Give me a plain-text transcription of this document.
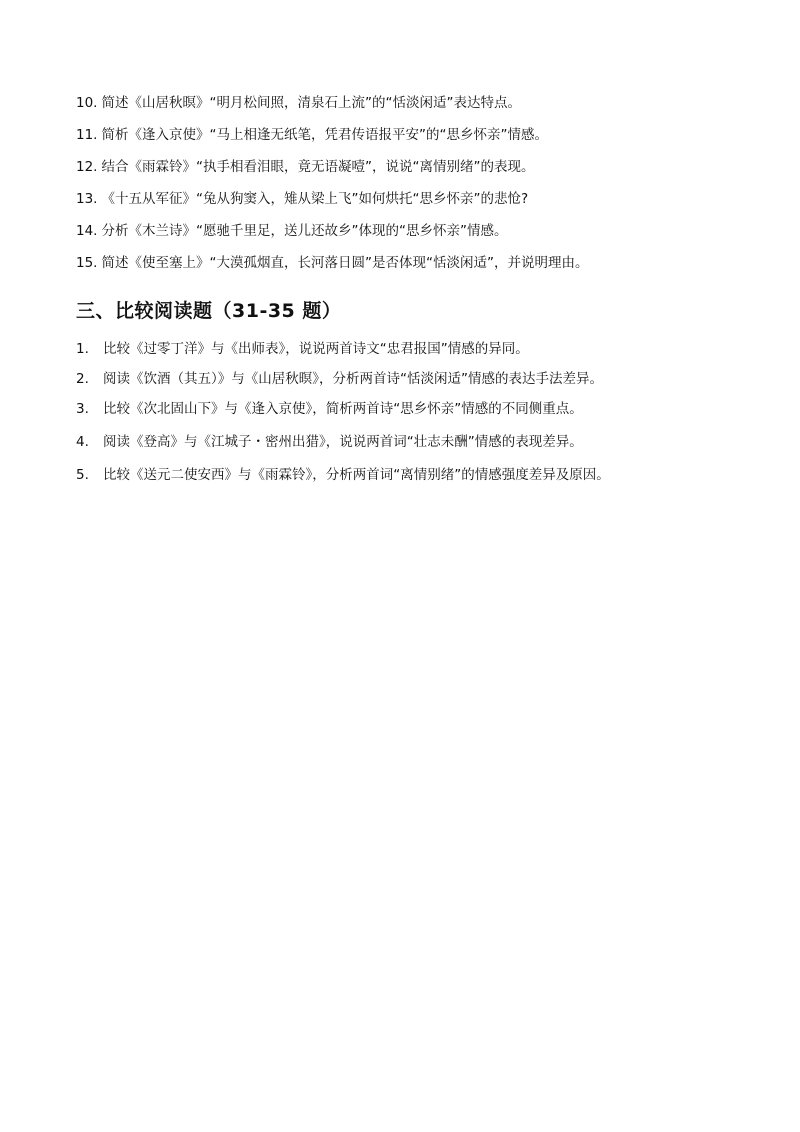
10. 简述《山居秋暝》“明月松间照，清泉石上流”的“恬淡闲适”表达特点。
11. 简析《逢入京使》“马上相逢无纸笔，凭君传语报平安”的“思乡怀亲”情感。
12. 结合《雨霖铃》“执手相看泪眼，竟无语凝噎”，说说“离情别绪”的表现。
13. 《十五从军征》“兔从狗窦入，雉从梁上飞”如何烘托“思乡怀亲”的悲怆?
14. 分析《木兰诗》“愿驰千里足，送儿还故乡”体现的“思乡怀亲”情感。
15. 简述《使至塞上》“大漠孤烟直，长河落日圆”是否体现“恬淡闲适”，并说明理由。
三、比较阅读题（31-35 题）
1. 比较《过零丁洋》与《出师表》，说说两首诗文“忠君报国”情感的异同。
2. 阅读《饮酒（其五）》与《山居秋暝》，分析两首诗“恬淡闲适”情感的表达手法差异。
3. 比较《次北固山下》与《逢入京使》，简析两首诗“思乡怀亲”情感的不同侧重点。
4. 阅读《登高》与《江城子・密州出猎》，说说两首词“壮志未酬”情感的表现差异。
5. 比较《送元二使安西》与《雨霖铃》，分析两首词“离情别绪”的情感强度差异及原因。
